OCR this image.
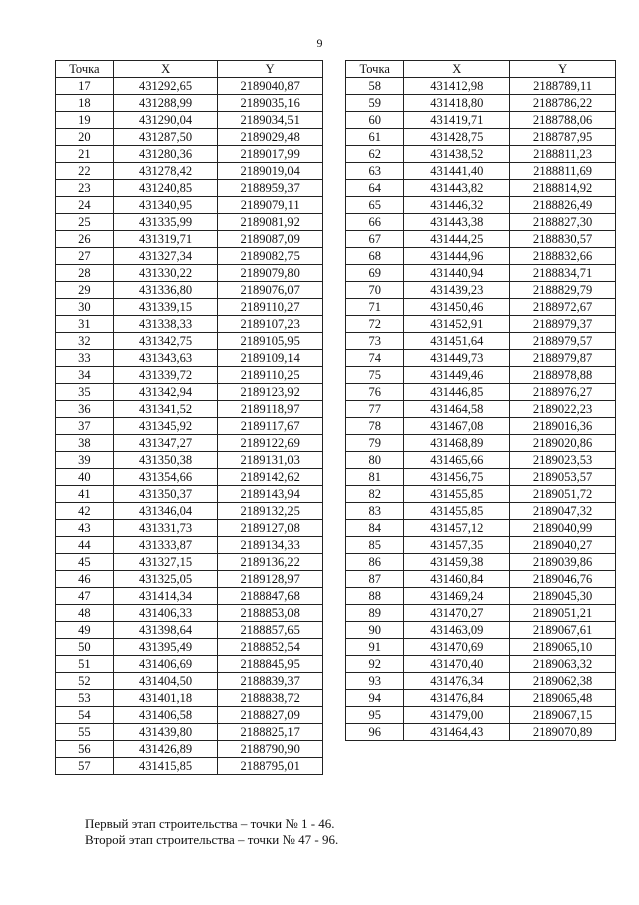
9
Точка	X	Y
17	431292,65	2189040,87
18	431288,99	2189035,16
19	431290,04	2189034,51
20	431287,50	2189029,48
21	431280,36	2189017,99
22	431278,42	2189019,04
23	431240,85	2188959,37
24	431340,95	2189079,11
25	431335,99	2189081,92
26	431319,71	2189087,09
27	431327,34	2189082,75
28	431330,22	2189079,80
29	431336,80	2189076,07
30	431339,15	2189110,27
31	431338,33	2189107,23
32	431342,75	2189105,95
33	431343,63	2189109,14
34	431339,72	2189110,25
35	431342,94	2189123,92
36	431341,52	2189118,97
37	431345,92	2189117,67
38	431347,27	2189122,69
39	431350,38	2189131,03
40	431354,66	2189142,62
41	431350,37	2189143,94
42	431346,04	2189132,25
43	431331,73	2189127,08
44	431333,87	2189134,33
45	431327,15	2189136,22
46	431325,05	2189128,97
47	431414,34	2188847,68
48	431406,33	2188853,08
49	431398,64	2188857,65
50	431395,49	2188852,54
51	431406,69	2188845,95
52	431404,50	2188839,37
53	431401,18	2188838,72
54	431406,58	2188827,09
55	431439,80	2188825,17
56	431426,89	2188790,90
57	431415,85	2188795,01
Точка	X	Y
58	431412,98	2188789,11
59	431418,80	2188786,22
60	431419,71	2188788,06
61	431428,75	2188787,95
62	431438,52	2188811,23
63	431441,40	2188811,69
64	431443,82	2188814,92
65	431446,32	2188826,49
66	431443,38	2188827,30
67	431444,25	2188830,57
68	431444,96	2188832,66
69	431440,94	2188834,71
70	431439,23	2188829,79
71	431450,46	2188972,67
72	431452,91	2188979,37
73	431451,64	2188979,57
74	431449,73	2188979,87
75	431449,46	2188978,88
76	431446,85	2188976,27
77	431464,58	2189022,23
78	431467,08	2189016,36
79	431468,89	2189020,86
80	431465,66	2189023,53
81	431456,75	2189053,57
82	431455,85	2189051,72
83	431455,85	2189047,32
84	431457,12	2189040,99
85	431457,35	2189040,27
86	431459,38	2189039,86
87	431460,84	2189046,76
88	431469,24	2189045,30
89	431470,27	2189051,21
90	431463,09	2189067,61
91	431470,69	2189065,10
92	431470,40	2189063,32
93	431476,34	2189062,38
94	431476,84	2189065,48
95	431479,00	2189067,15
96	431464,43	2189070,89
Первый этап строительства – точки № 1 - 46.
Второй этап строительства – точки № 47 - 96.
